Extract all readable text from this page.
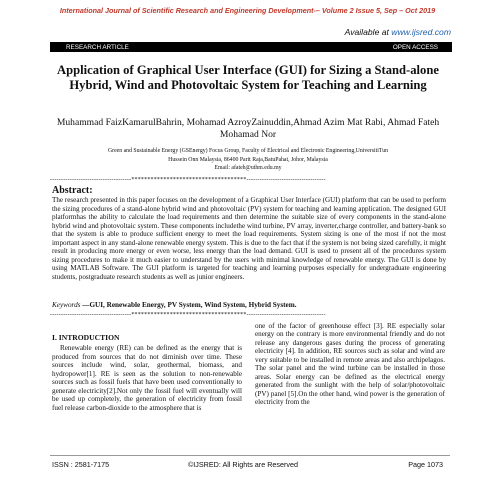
International Journal of Scientific Research and Engineering Development-– Volume 2 Issue 5, Sep – Oct 2019
Available at www.ijsred.com
RESEARCH ARTICLE	OPEN ACCESS
Application of Graphical User Interface (GUI) for Sizing a Stand-alone Hybrid, Wind and Photovoltaic System for Teaching and Learning
Muhammad FaizKamarulBahrin, Mohamad AzroyZainuddin,Ahmad Azim Mat Rabi, Ahmad Fateh Mohamad Nor
Green and Sustainable Energy (GSEnergy) Focus Group, Faculty of Electrical and Electronic Engineering,UniversitiTun
Hussein Onn Malaysia, 86400 Parit Raja,BatuPahat, Johor, Malaysia
Email: afateh@uthm.edu.my
-------------------------------------************************************------------------------------------
Abstract:
The research presented in this paper focuses on the development of a Graphical User Interface (GUI) platform that can be used to perform the sizing procedures of a stand-alone hybrid wind and photovoltaic (PV) system for teaching and learning application. The designed GUI platformhas the ability to calculate the load requirements and then determine the suitable size of every components in the stand-alone hybrid wind and photovoltaic system. These components includethe wind turbine, PV array, inverter,charge controller, and battery-bank so that the system is able to produce sufficient energy to meet the load requirements. System sizing is one of the most if not the most important aspect in any stand-alone renewable energy system. This is due to the fact that if the system is not being sized carefully, it might result in producing more energy or even worse, less energy than the load demand. GUI is used to present all of the procedures system sizing procedures to make it much easier to understand by the users with minimal knowledge of renewable energy. The GUI is done by using MATLAB Software. The GUI platform is targeted for teaching and learning purposes especially for undergraduate engineering students, postgraduate research students as well as junior engineers.
Keywords —GUI, Renewable Energy, PV System, Wind System, Hybrid System.
-------------------------------------************************************------------------------------------
I. INTRODUCTION
Renewable energy (RE) can be defined as the energy that is produced from sources that do not diminish over time. These sources include wind, solar, geothermal, biomass, and hydropower[1]. RE is seen as the solution to non-renewable sources such as fossil fuels that have been used conventionally to generate electricity[2].Not only the fossil fuel will eventually will be used up completely, the generation of electricity from fossil fuel release carbon-dioxide to the atmosphere that is
one of the factor of greenhouse effect [3]. RE especially solar energy on the contrary is more environmental friendly and do not release any dangerous gases during the process of generating electricity [4]. In addition, RE sources such as solar and wind are very suitable to be installed in remote areas and also archipelagos. The solar panel and the wind turbine can be installed in those areas. Solar energy can be defined as the electrical energy generated from the sunlight with the help of solar/photovoltaic (PV) panel [5].On the other hand, wind power is the generation of electricity from the
ISSN : 2581-7175	©IJSRED: All Rights are Reserved	Page 1073
